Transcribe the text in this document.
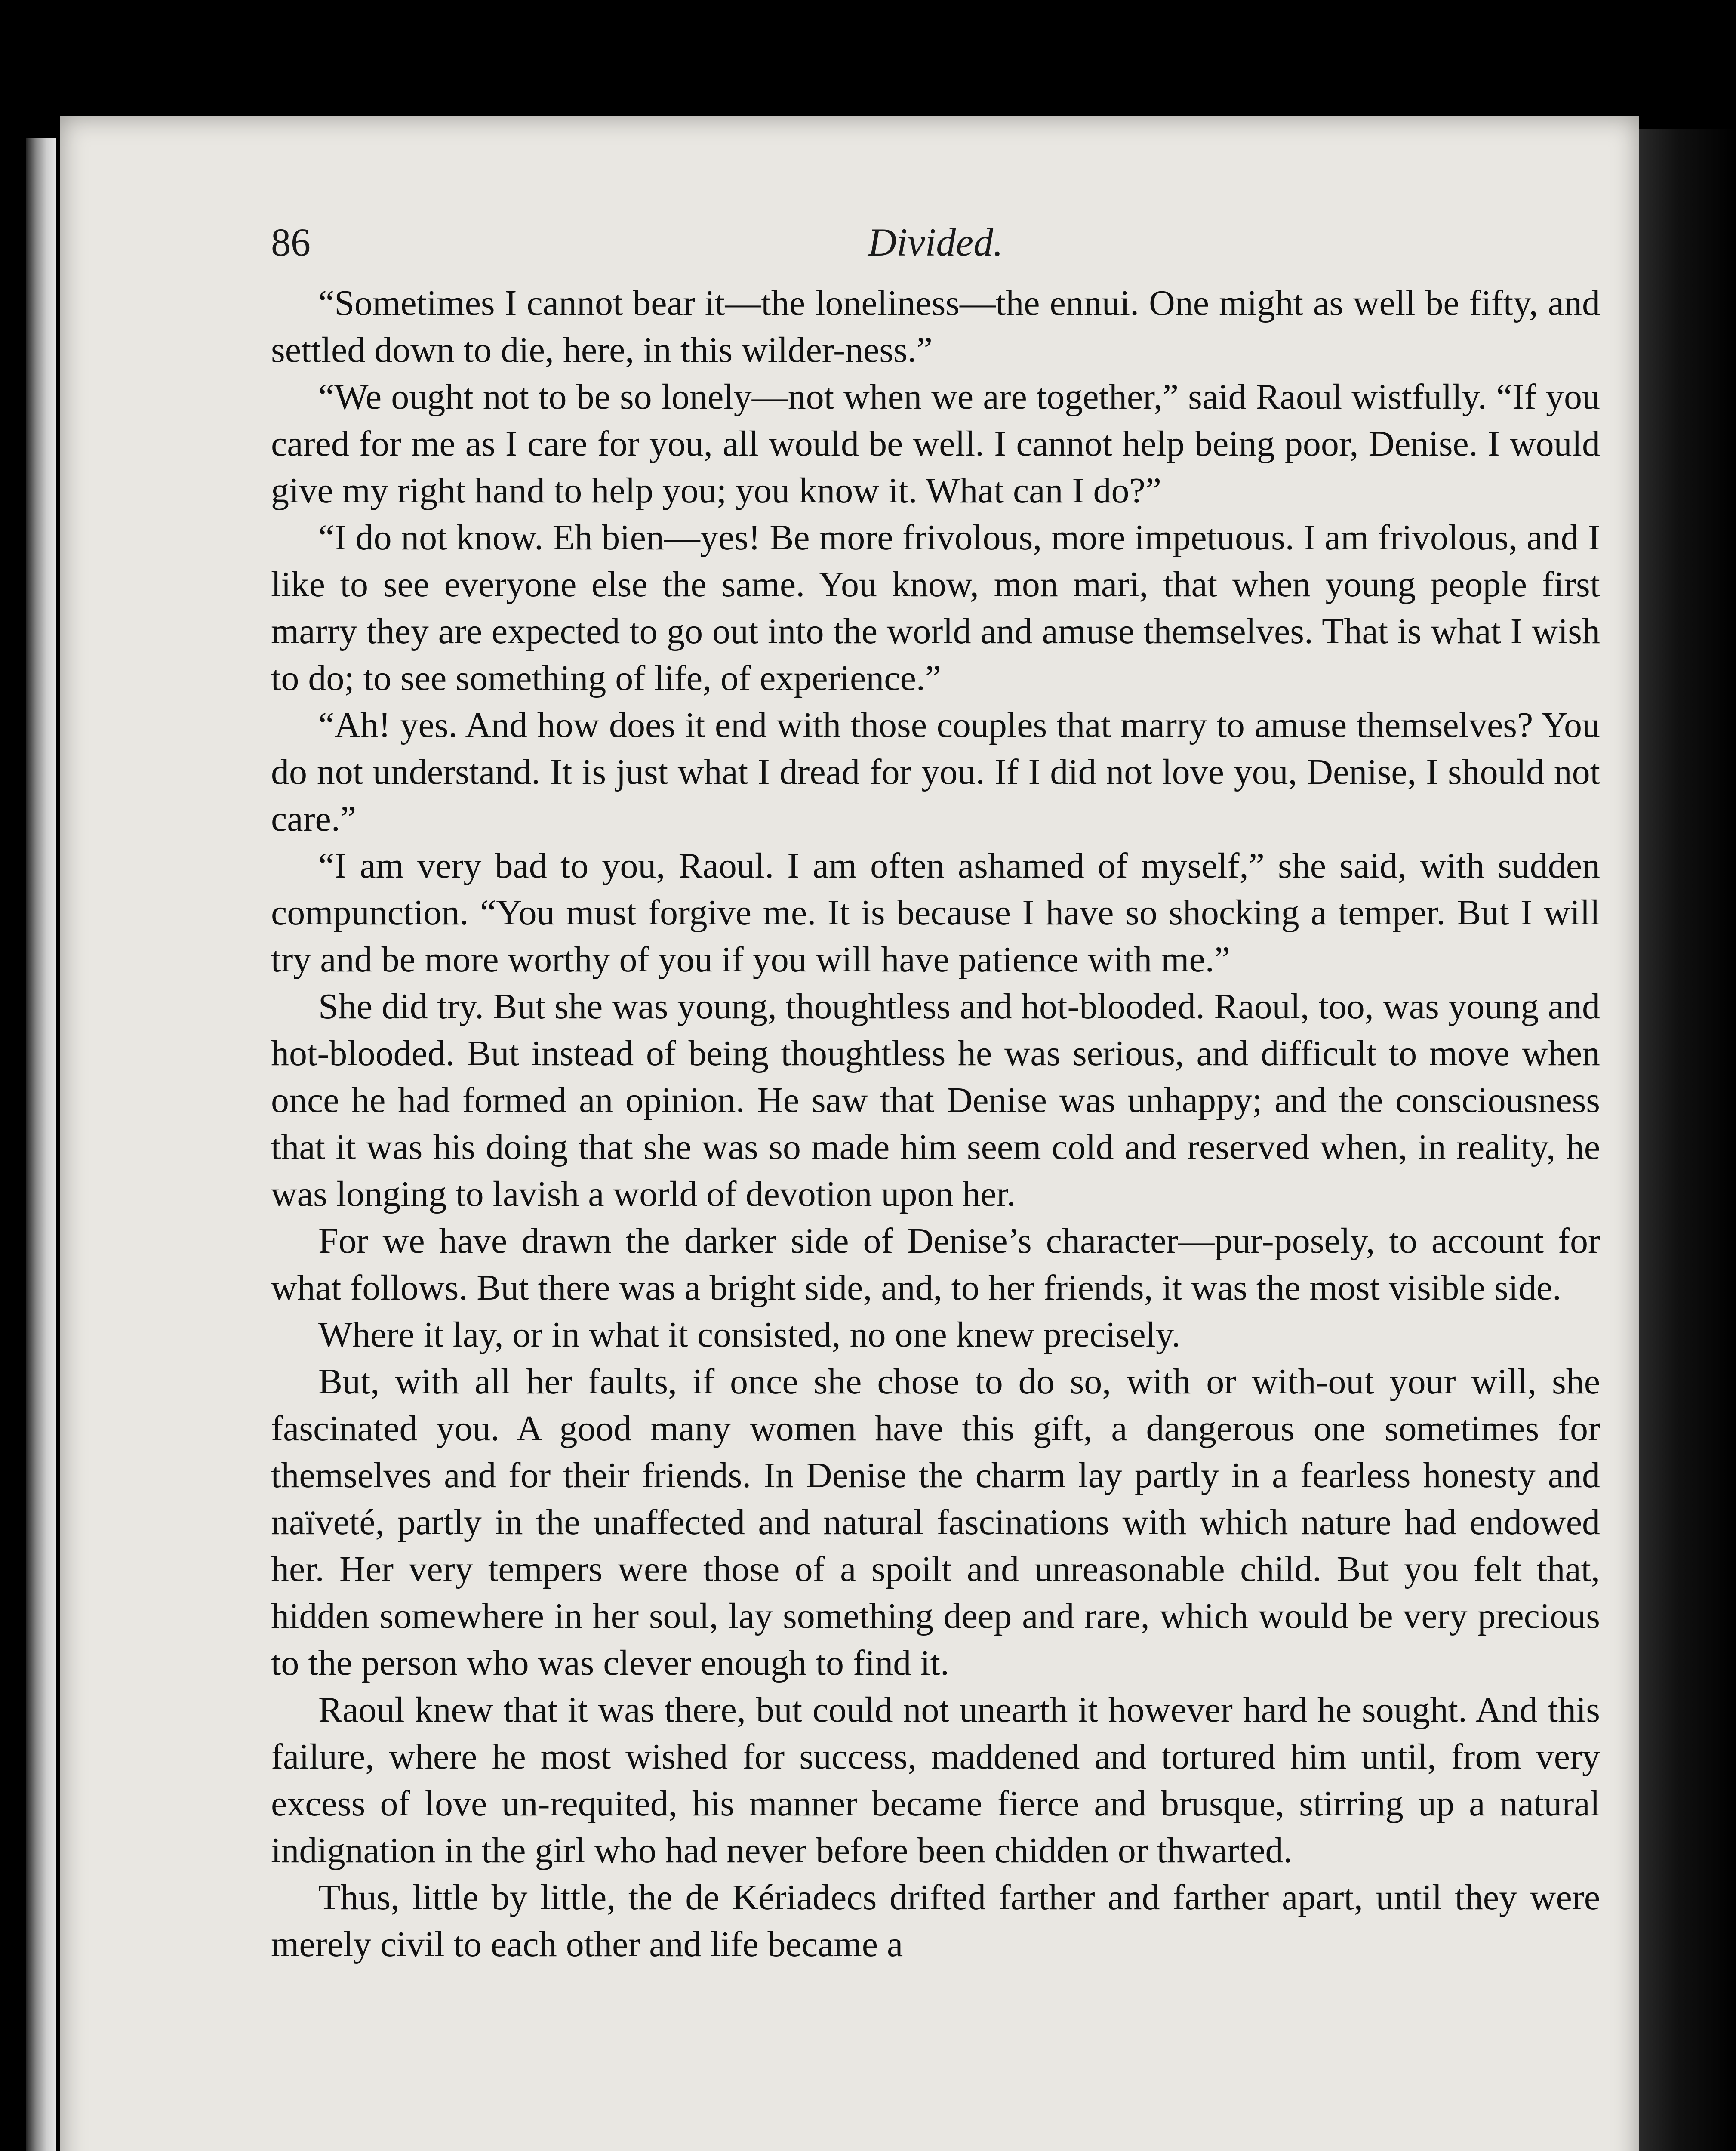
86	Divided.

“Sometimes I cannot bear it—the loneliness—the ennui. One might as well be fifty, and settled down to die, here, in this wilder-ness.”

“We ought not to be so lonely—not when we are together,” said Raoul wistfully. “If you cared for me as I care for you, all would be well. I cannot help being poor, Denise. I would give my right hand to help you; you know it. What can I do?”

“I do not know. Eh bien—yes! Be more frivolous, more impetuous. I am frivolous, and I like to see everyone else the same. You know, mon mari, that when young people first marry they are expected to go out into the world and amuse themselves. That is what I wish to do; to see something of life, of experience.”

“Ah! yes. And how does it end with those couples that marry to amuse themselves? You do not understand. It is just what I dread for you. If I did not love you, Denise, I should not care.”

“I am very bad to you, Raoul. I am often ashamed of myself,” she said, with sudden compunction. “You must forgive me. It is because I have so shocking a temper. But I will try and be more worthy of you if you will have patience with me.”

She did try. But she was young, thoughtless and hot-blooded. Raoul, too, was young and hot-blooded. But instead of being thoughtless he was serious, and difficult to move when once he had formed an opinion. He saw that Denise was unhappy; and the consciousness that it was his doing that she was so made him seem cold and reserved when, in reality, he was longing to lavish a world of devotion upon her.

For we have drawn the darker side of Denise’s character—pur-posely, to account for what follows. But there was a bright side, and, to her friends, it was the most visible side.

Where it lay, or in what it consisted, no one knew precisely.

But, with all her faults, if once she chose to do so, with or with-out your will, she fascinated you. A good many women have this gift, a dangerous one sometimes for themselves and for their friends. In Denise the charm lay partly in a fearless honesty and naïveté, partly in the unaffected and natural fascinations with which nature had endowed her. Her very tempers were those of a spoilt and unreasonable child. But you felt that, hidden somewhere in her soul, lay something deep and rare, which would be very precious to the person who was clever enough to find it.

Raoul knew that it was there, but could not unearth it however hard he sought. And this failure, where he most wished for success, maddened and tortured him until, from very excess of love un-requited, his manner became fierce and brusque, stirring up a natural indignation in the girl who had never before been chidden or thwarted.

Thus, little by little, the de Kériadecs drifted farther and farther apart, until they were merely civil to each other and life became a
